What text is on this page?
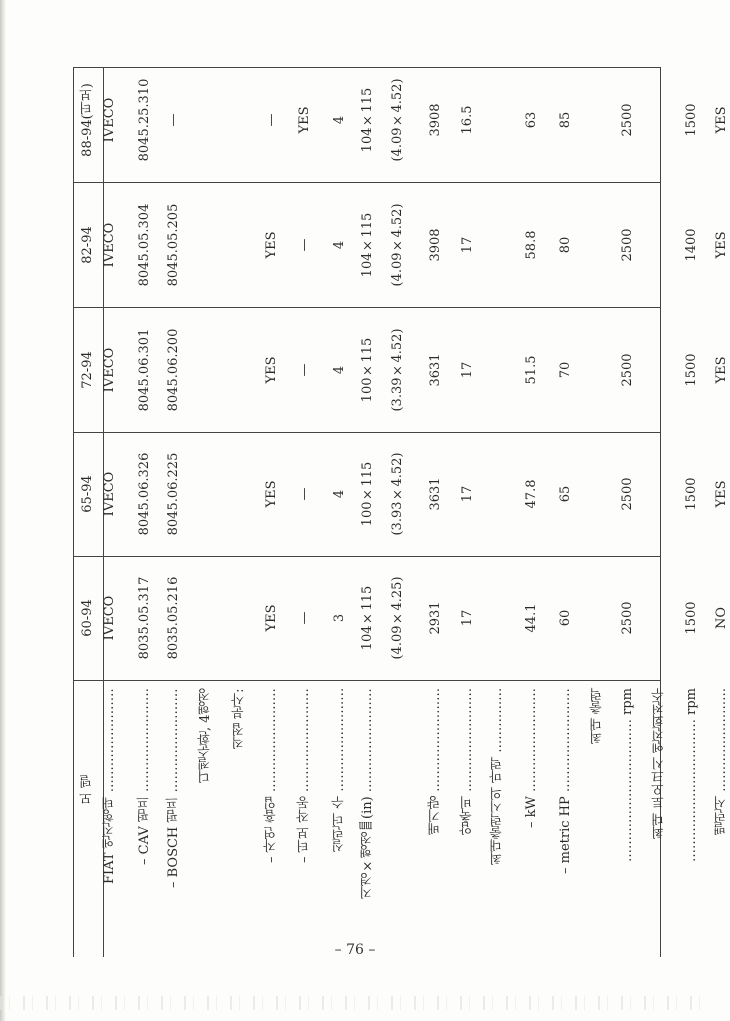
– 76 –
60-94
65-94
72-94
82-94
88-94(터보)
모 델 FIAT 엔진형태 ……………………
IVECO
IVECO
IVECO
IVECO
IVECO
– CAV 펌프 ……………………
8035.05.317
8045.06.326
8045.06.301
8045.05.304
8045.25.310
– BOSCH 펌프 ……………………
8035.05.216
8045.06.225
8045.06.200
8045.05.205
—
디젤순환, 4행정 직접 분사: – 자연 흡입 ……………………
YES
YES
YES
YES
—
– 터보 작동 ……………………
—
—
—
—
YES
실린더 수 ……………………
3
4
4
4
4
지경×행정㎜(in) ……………………
104×115
100×115
100×115
104×115
104×115
(4.09×4.25)
(3.93×4.52)
(3.39×4.52)
(4.09×4.52)
(4.09×4.52)
배기량 ……………………
2931
3631
3631
3908
3908
압축비 ……………………
17
17
17
17
16.5
최대출력시의 마력 …………… – kW ……………………
44.1
47.8
51.5
58.8
63
– metric HP ……………………
60
65
70
80
85
최대 출력 …………………………… rpm
2500
2500
2500
2500
2500
최대 토오크시 엔진회전수 …………………………… rpm
1500
1500
1500
1400
1500
밸런서 ……………………
NO
YES
YES
YES
YES
